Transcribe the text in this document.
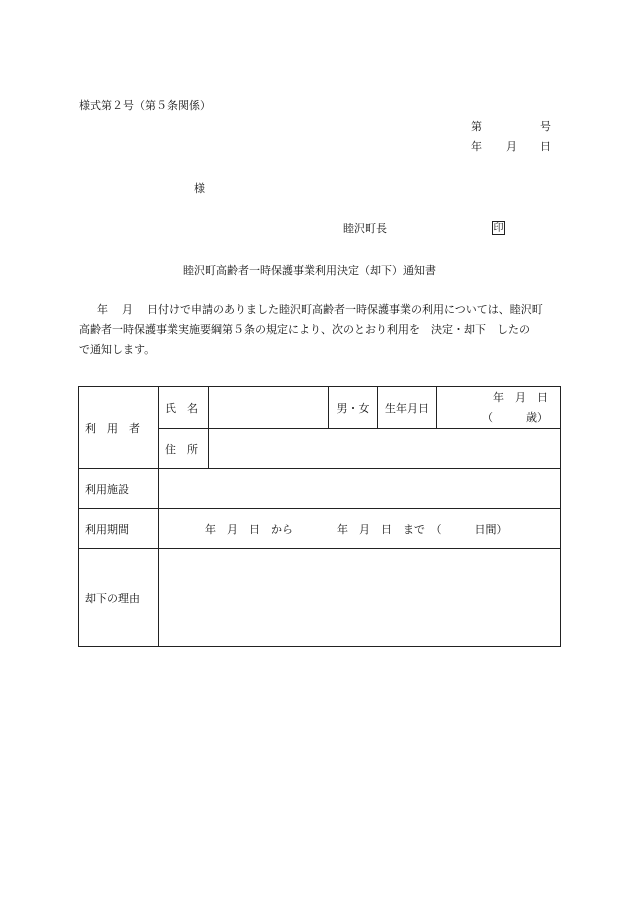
様式第２号（第５条関係）
第	号
年 月 日
様
睦沢町長	印
睦沢町高齢者一時保護事業利用決定（却下）通知書
年 月 日付けで申請のありました睦沢町高齢者一時保護事業の利用については、睦沢町
高齢者一時保護事業実施要綱第５条の規定により、次のとおり利用を　決定・却下　したの
で通知します。
利　用　者	氏　名		男・女	生年月日	年　月　日
（　　　歳）

	住　所				
利用施設					
利用期間	年　月　日　から　　　　年　月　日　まで　（　　　日間）				
却下の理由					
